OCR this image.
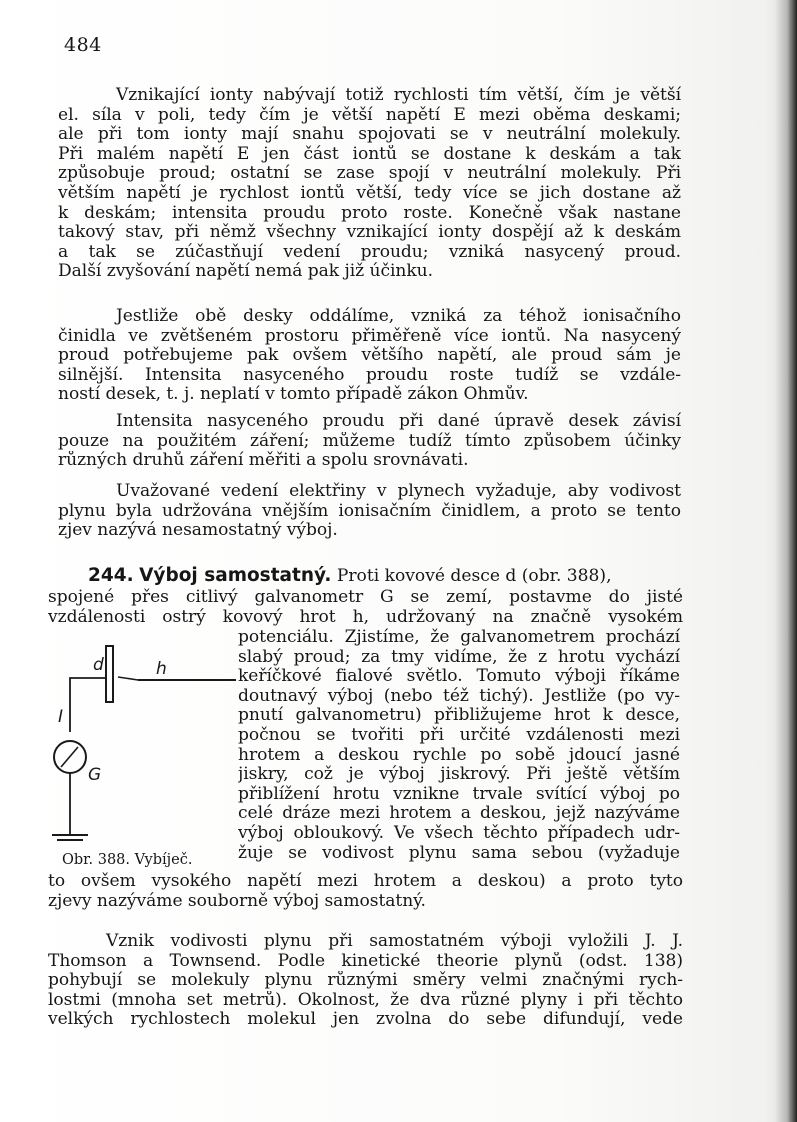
484
Vznikající ionty nabývají totiž rychlosti tím větší, čím je větší
el. síla v poli, tedy čím je větší napětí E mezi oběma deskami;
ale při tom ionty mají snahu spojovati se v neutrální molekuly.
Při malém napětí E jen část iontů se dostane k deskám a tak
způsobuje proud; ostatní se zase spojí v neutrální molekuly. Při
větším napětí je rychlost iontů větší, tedy více se jich dostane až
k deskám; intensita proudu proto roste. Konečně však nastane
takový stav, při němž všechny vznikající ionty dospějí až k deskám
a tak se zúčastňují vedení proudu; vzniká nasycený proud.
Další zvyšování napětí nemá pak již účinku.
Jestliže obě desky oddálíme, vzniká za téhož ionisačního
činidla ve zvětšeném prostoru přiměřeně více iontů. Na nasycený
proud potřebujeme pak ovšem většího napětí, ale proud sám je
silnější. Intensita nasyceného proudu roste tudíž se vzdále-
ností desek, t. j. neplatí v tomto případě zákon Ohmův.
Intensita nasyceného proudu při dané úpravě desek závisí
pouze na použitém záření; můžeme tudíž tímto způsobem účinky
různých druhů záření měřiti a spolu srovnávati.
Uvažované vedení elektřiny v plynech vyžaduje, aby vodivost
plynu byla udržována vnějším ionisačním činidlem, a proto se tento
zjev nazývá nesamostatný výboj.
244. Výboj samostatný. Proti kovové desce d (obr. 388),
spojené přes citlivý galvanometr G se zemí, postavme do jisté
vzdálenosti ostrý kovový hrot h, udržovaný na značně vysokém
potenciálu. Zjistíme, že galvanometrem prochází
slabý proud; za tmy vidíme, že z hrotu vychází
keříčkové fialové světlo. Tomuto výboji říkáme
doutnavý výboj (nebo též tichý). Jestliže (po vy-
pnutí galvanometru) přibližujeme hrot k desce,
počnou se tvořiti při určité vzdálenosti mezi
hrotem a deskou rychle po sobě jdoucí jasné
jiskry, což je výboj jiskrový. Při ještě větším
přiblížení hrotu vznikne trvale svítící výboj po
celé dráze mezi hrotem a deskou, jejž nazýváme
výboj obloukový. Ve všech těchto případech udr-
žuje se vodivost plynu sama sebou (vyžaduje
d	h
I
G
Obr. 388. Vybíječ.
to ovšem vysokého napětí mezi hrotem a deskou) a proto tyto
zjevy nazýváme souborně výboj samostatný.
Vznik vodivosti plynu při samostatném výboji vyložili J. J.
Thomson a Townsend. Podle kinetické theorie plynů (odst. 138)
pohybují se molekuly plynu různými směry velmi značnými rych-
lostmi (mnoha set metrů). Okolnost, že dva různé plyny i při těchto
velkých rychlostech molekul jen zvolna do sebe difundují, vede
